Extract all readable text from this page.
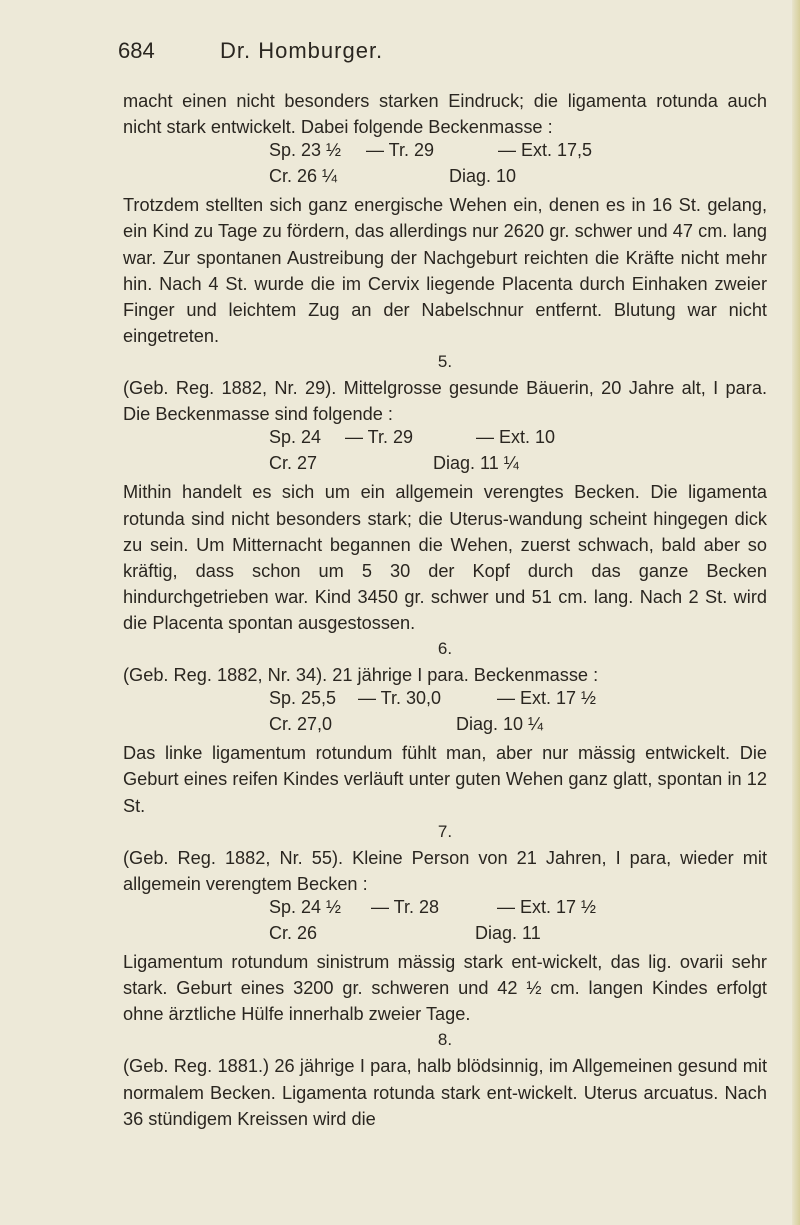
684	Dr. Homburger.

macht einen nicht besonders starken Eindruck; die ligamenta rotunda auch nicht stark entwickelt. Dabei folgende Beckenmasse :

Sp. 23 ½ — Tr. 29	— Ext. 17,5
Cr. 26 ¼	Diag. 10

Trotzdem stellten sich ganz energische Wehen ein, denen es in 16 St. gelang, ein Kind zu Tage zu fördern, das allerdings nur 2620 gr. schwer und 47 cm. lang war. Zur spontanen Austreibung der Nachgeburt reichten die Kräfte nicht mehr hin. Nach 4 St. wurde die im Cervix liegende Placenta durch Einhaken zweier Finger und leichtem Zug an der Nabelschnur entfernt. Blutung war nicht eingetreten.

5.

(Geb. Reg. 1882, Nr. 29). Mittelgrosse gesunde Bäuerin, 20 Jahre alt, I para. Die Beckenmasse sind folgende :

Sp. 24 — Tr. 29	— Ext. 10
Cr. 27	Diag. 11 ¼

Mithin handelt es sich um ein allgemein verengtes Becken. Die ligamenta rotunda sind nicht besonders stark; die Uterus-wandung scheint hingegen dick zu sein. Um Mitternacht begannen die Wehen, zuerst schwach, bald aber so kräftig, dass schon um 5 30 der Kopf durch das ganze Becken hindurchgetrieben war. Kind 3450 gr. schwer und 51 cm. lang. Nach 2 St. wird die Placenta spontan ausgestossen.

6.

(Geb. Reg. 1882, Nr. 34). 21 jährige I para. Beckenmasse :

Sp. 25,5 — Tr. 30,0	— Ext. 17 ½
Cr. 27,0	Diag. 10 ¼

Das linke ligamentum rotundum fühlt man, aber nur mässig entwickelt. Die Geburt eines reifen Kindes verläuft unter guten Wehen ganz glatt, spontan in 12 St.

7.

(Geb. Reg. 1882, Nr. 55). Kleine Person von 21 Jahren, I para, wieder mit allgemein verengtem Becken :

Sp. 24 ½ — Tr. 28	— Ext. 17 ½
Cr. 26	Diag. 11

Ligamentum rotundum sinistrum mässig stark ent-wickelt, das lig. ovarii sehr stark. Geburt eines 3200 gr. schweren und 42 ½ cm. langen Kindes erfolgt ohne ärztliche Hülfe innerhalb zweier Tage.

8.

(Geb. Reg. 1881.) 26 jährige I para, halb blödsinnig, im Allgemeinen gesund mit normalem Becken. Ligamenta rotunda stark ent-wickelt. Uterus arcuatus. Nach 36 stündigem Kreissen wird die
